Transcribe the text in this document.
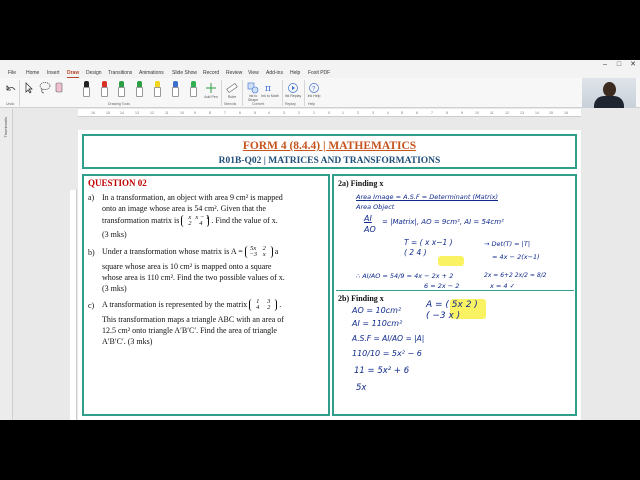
–	□	✕
File Home Insert Draw Design Transitions Animations Slide Show Record Review View Add-ins Help Foxit PDF
Undo
Add Pen
Drawing Tools
Ruler
Stencils
Ink to Shape
π
Ink to Math
Convert
Ink Replay
Replay
?
Ink Help
Help
Thumbnails
16	15	14	13	12	11	10	9	8	7	6	5	4	3	2	1	0	1	2	3	4	5	6	7	8	9	10	11	12	13	14	15	16
FORM 4 (8.4.4) | MATHEMATICS
R01B-Q02 | MATRICES AND TRANSFORMATIONS
QUESTION 02
a) In a transformation, an object with area 9 cm² is mapped
onto an image whose area is 54 cm². Given that the
transformation matrix is x x − 1
2 4 . Find the value of x.
(3 mks)
b) Under a transformation whose matrix is A = 5x 2
−3 x a
square whose area is 10 cm² is mapped onto a square
whose area is 110 cm². Find the two possible values of x.
(3 mks)
c) A transformation is represented by the matrix 1 3
4 2 .
This transformation maps a triangle ABC with an area of
12.5 cm² onto triangle A′B′C′. Find the area of triangle
A′B′C′. (3 mks)
2a) Finding x
Area Image = A.S.F = Determinant (Matrix)
Area Object
AI = |Matrix|, AO = 9cm², AI = 54cm²
AO
T = ( x x−1 )
( 2 4 )
→ Det(T) = |T|
= 4x − 2(x−1)
∴ AI/AO = 54/9 = 4x − 2x + 2
6 = 2x − 2
2x = 6+2 2x/2 = 8/2
x = 4 ✓
2b) Finding x
AO = 10cm²
AI = 110cm²
A = ( 5x 2 )
( −3 x )
A.S.F = AI/AO = |A|
110/10 = 5x² − 6
11 = 5x² + 6
5x
